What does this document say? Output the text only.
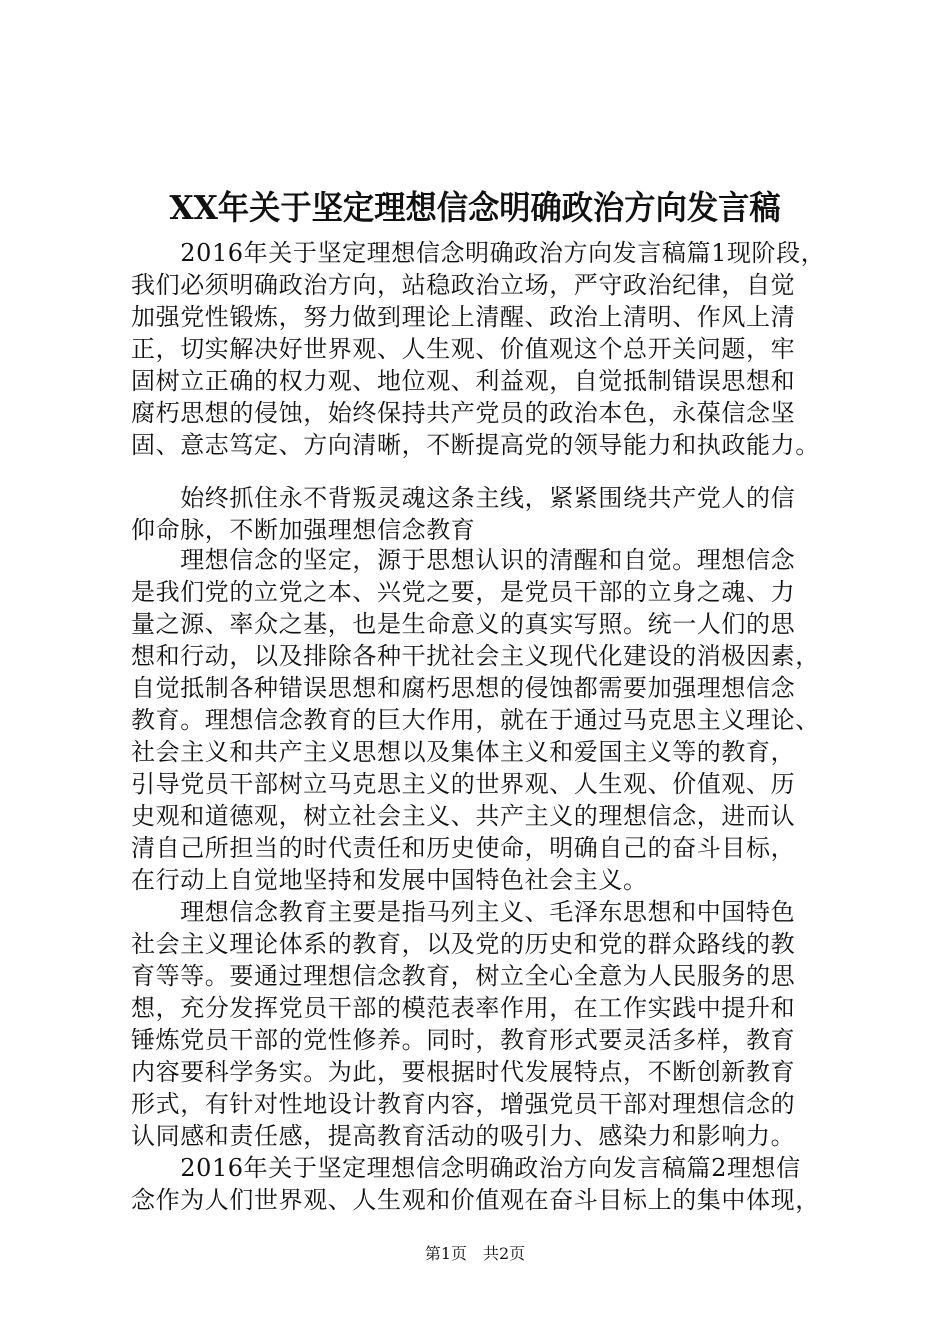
XX年关于坚定理想信念明确政治方向发言稿
　　2016年关于坚定理想信念明确政治方向发言稿篇1现阶段，
我们必须明确政治方向，站稳政治立场，严守政治纪律，自觉
加强党性锻炼，努力做到理论上清醒、政治上清明、作风上清
正，切实解决好世界观、人生观、价值观这个总开关问题，牢
固树立正确的权力观、地位观、利益观，自觉抵制错误思想和
腐朽思想的侵蚀，始终保持共产党员的政治本色，永葆信念坚
固、意志笃定、方向清晰，不断提高党的领导能力和执政能力。
　　始终抓住永不背叛灵魂这条主线，紧紧围绕共产党人的信
仰命脉，不断加强理想信念教育
　　理想信念的坚定，源于思想认识的清醒和自觉。理想信念
是我们党的立党之本、兴党之要，是党员干部的立身之魂、力
量之源、率众之基，也是生命意义的真实写照。统一人们的思
想和行动，以及排除各种干扰社会主义现代化建设的消极因素，
自觉抵制各种错误思想和腐朽思想的侵蚀都需要加强理想信念
教育。理想信念教育的巨大作用，就在于通过马克思主义理论、
社会主义和共产主义思想以及集体主义和爱国主义等的教育，
引导党员干部树立马克思主义的世界观、人生观、价值观、历
史观和道德观，树立社会主义、共产主义的理想信念，进而认
清自己所担当的时代责任和历史使命，明确自己的奋斗目标，
在行动上自觉地坚持和发展中国特色社会主义。
　　理想信念教育主要是指马列主义、毛泽东思想和中国特色
社会主义理论体系的教育，以及党的历史和党的群众路线的教
育等等。要通过理想信念教育，树立全心全意为人民服务的思
想，充分发挥党员干部的模范表率作用，在工作实践中提升和
锤炼党员干部的党性修养。同时，教育形式要灵活多样，教育
内容要科学务实。为此，要根据时代发展特点，不断创新教育
形式，有针对性地设计教育内容，增强党员干部对理想信念的
认同感和责任感，提高教育活动的吸引力、感染力和影响力。
　　2016年关于坚定理想信念明确政治方向发言稿篇2理想信
念作为人们世界观、人生观和价值观在奋斗目标上的集中体现，
第1页　共2页
